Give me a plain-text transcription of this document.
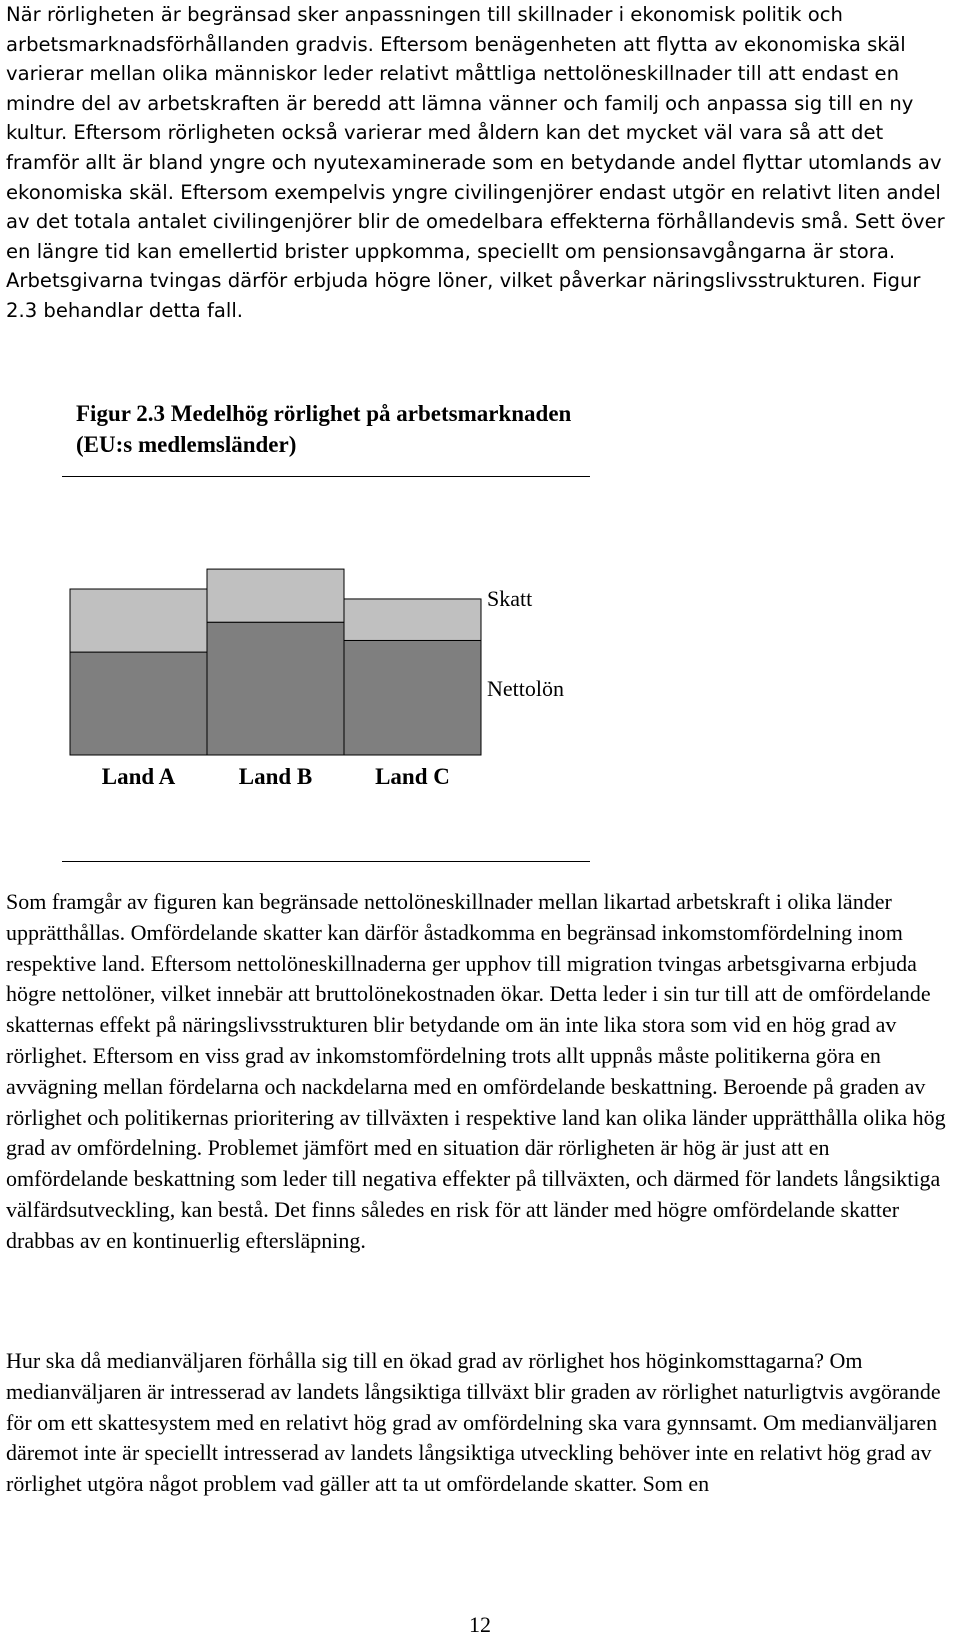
När rörligheten är begränsad sker anpassningen till skillnader i ekonomisk politik och arbetsmarknadsförhållanden gradvis. Eftersom benägenheten att flytta av ekonomiska skäl varierar mellan olika människor leder relativt måttliga nettolöneskillnader till att endast en mindre del av arbetskraften är beredd att lämna vänner och familj och anpassa sig till en ny kultur. Eftersom rörligheten också varierar med åldern kan det mycket väl vara så att det framför allt är bland yngre och nyutexaminerade som en betydande andel flyttar utomlands av ekonomiska skäl. Eftersom exempelvis yngre civilingenjörer endast utgör en relativt liten andel av det totala antalet civilingenjörer blir de omedelbara effekterna förhållandevis små. Sett över en längre tid kan emellertid brister uppkomma, speciellt om pensionsavgångarna är stora. Arbetsgivarna tvingas därför erbjuda högre löner, vilket påverkar näringslivsstrukturen. Figur 2.3 behandlar detta fall.

Figur 2.3 Medelhög rörlighet på arbetsmarknaden
(EU:s medlemsländer)
Land A	Land B	Land C
Nettolön
Skatt

Som framgår av figuren kan begränsade nettolöneskillnader mellan likartad arbetskraft i olika länder upprätthållas. Omfördelande skatter kan därför åstadkomma en begränsad inkomstomfördelning inom respektive land. Eftersom nettolöneskillnaderna ger upphov till migration tvingas arbetsgivarna erbjuda högre nettolöner, vilket innebär att bruttolönekostnaden ökar. Detta leder i sin tur till att de omfördelande skatternas effekt på näringslivsstrukturen blir betydande om än inte lika stora som vid en hög grad av rörlighet. Eftersom en viss grad av inkomstomfördelning trots allt uppnås måste politikerna göra en avvägning mellan fördelarna och nackdelarna med en omfördelande beskattning. Beroende på graden av rörlighet och politikernas prioritering av tillväxten i respektive land kan olika länder upprätthålla olika hög grad av omfördelning. Problemet jämfört med en situation där rörligheten är hög är just att en omfördelande beskattning som leder till negativa effekter på tillväxten, och därmed för landets långsiktiga välfärdsutveckling, kan bestå. Det finns således en risk för att länder med högre omfördelande skatter drabbas av en kontinuerlig eftersläpning.

Hur ska då medianväljaren förhålla sig till en ökad grad av rörlighet hos höginkomsttagarna? Om medianväljaren är intresserad av landets långsiktiga tillväxt blir graden av rörlighet naturligtvis avgörande för om ett skattesystem med en relativt hög grad av omfördelning ska vara gynnsamt. Om medianväljaren däremot inte är speciellt intresserad av landets långsiktiga utveckling behöver inte en relativt hög grad av rörlighet utgöra något problem vad gäller att ta ut omfördelande skatter. Som en

12
